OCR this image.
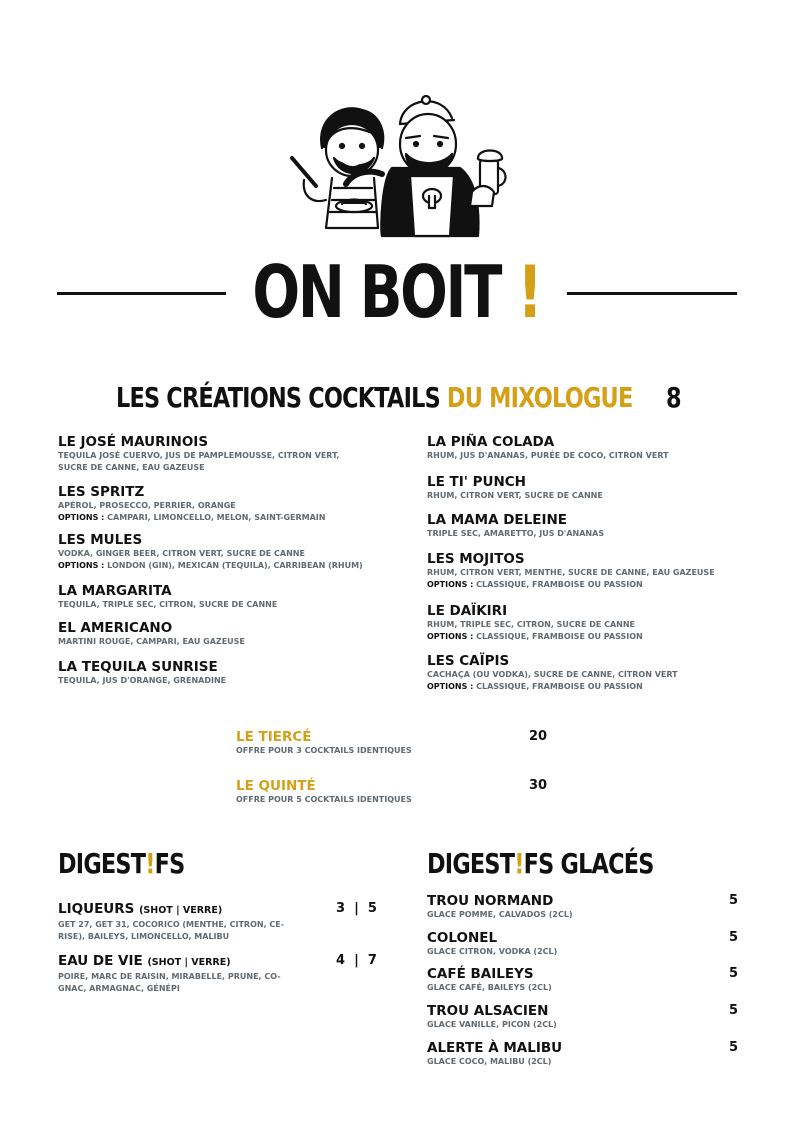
ON BOIT !
LES CRÉATIONS COCKTAILS DU MIXOLOGUE 8
LE JOSÉ MAURINOIS
TEQUILA JOSÉ CUERVO, JUS DE PAMPLEMOUSSE, CITRON VERT,
SUCRE DE CANNE, EAU GAZEUSE
LES SPRITZ
APÉROL, PROSECCO, PERRIER, ORANGE
OPTIONS : CAMPARI, LIMONCELLO, MELON, SAINT-GERMAIN
LES MULES
VODKA, GINGER BEER, CITRON VERT, SUCRE DE CANNE
OPTIONS : LONDON (GIN), MEXICAN (TEQUILA), CARRIBEAN (RHUM)
LA MARGARITA
TEQUILA, TRIPLE SEC, CITRON, SUCRE DE CANNE
EL AMERICANO
MARTINI ROUGE, CAMPARI, EAU GAZEUSE
LA TEQUILA SUNRISE
TEQUILA, JUS D'ORANGE, GRENADINE
LA PIÑA COLADA
RHUM, JUS D'ANANAS, PURÉE DE COCO, CITRON VERT
LE TI' PUNCH
RHUM, CITRON VERT, SUCRE DE CANNE
LA MAMA DELEINE
TRIPLE SEC, AMARETTO, JUS D'ANANAS
LES MOJITOS
RHUM, CITRON VERT, MENTHE, SUCRE DE CANNE, EAU GAZEUSE
OPTIONS : CLASSIQUE, FRAMBOISE OU PASSION
LE DAÏKIRI
RHUM, TRIPLE SEC, CITRON, SUCRE DE CANNE
OPTIONS : CLASSIQUE, FRAMBOISE OU PASSION
LES CAÏPIS
CACHAÇA (OU VODKA), SUCRE DE CANNE, CITRON VERT
OPTIONS : CLASSIQUE, FRAMBOISE OU PASSION
LE TIERCÉ
OFFRE POUR 3 COCKTAILS IDENTIQUES
20
LE QUINTÉ
OFFRE POUR 5 COCKTAILS IDENTIQUES
30
DIGEST!FS
LIQUEURS (SHOT | VERRE)
GET 27, GET 31, COCORICO (MENTHE, CITRON, CE-
RISE), BAILEYS, LIMONCELLO, MALIBU
3  |  5
EAU DE VIE (SHOT | VERRE)
POIRE, MARC DE RAISIN, MIRABELLE, PRUNE, CO-
GNAC, ARMAGNAC, GÉNÉPI
4  |  7
DIGEST!FS GLACÉS
TROU NORMAND
GLACE POMME, CALVADOS (2CL)
5
COLONEL
GLACE CITRON, VODKA (2CL)
5
CAFÉ BAILEYS
GLACE CAFÉ, BAILEYS (2CL)
5
TROU ALSACIEN
GLACE VANILLE, PICON (2CL)
5
ALERTE À MALIBU
GLACE COCO, MALIBU (2CL)
5
